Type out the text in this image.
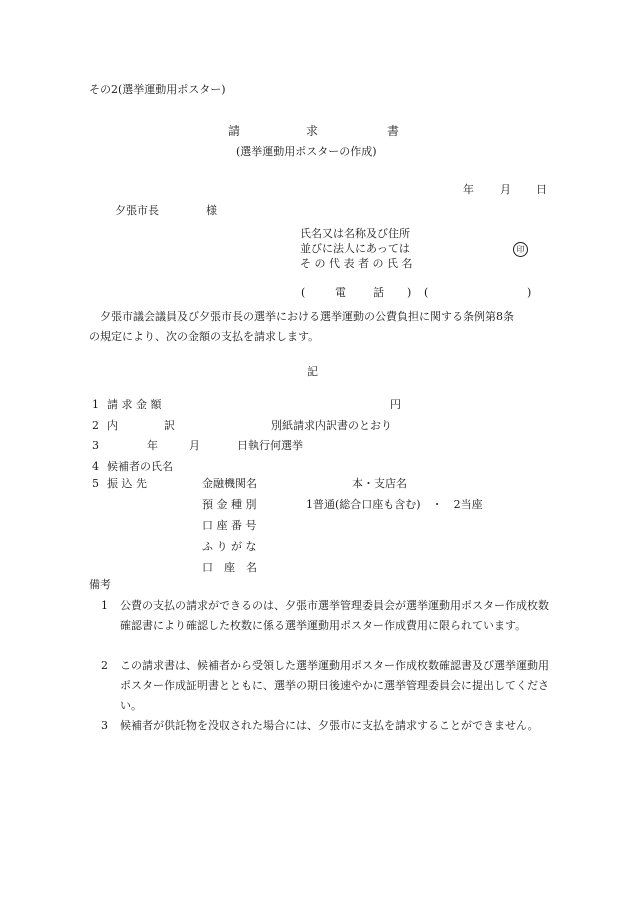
その2(選挙運動用ポスター)
請	求	書
(選挙運動用ポスターの作成)
年 月 日
夕張市長	様
氏名又は名称及び住所
並びに法人にあっては
そ の 代 表 者 の 氏 名
印
(	電 話 ) (	)
夕張市議会議員及び夕張市長の選挙における選挙運動の公費負担に関する条例第8条
の規定により、次の金額の支払を請求します。
記
1 請 求 金 額	円
2 内	訳	別紙請求内訳書のとおり
3	年	月	日執行何選挙
4 候補者の氏名
5 振 込 先	金融機関名	本・支店名
預 金 種 別	1普通(総合口座も含む)　・　2当座
口 座 番 号
ふ り が な
口　座　名
備考
1	公費の支払の請求ができるのは、夕張市選挙管理委員会が選挙運動用ポスター作成枚数確認書により確認した枚数に係る選挙運動用ポスター作成費用に限られています。
2	この請求書は、候補者から受領した選挙運動用ポスター作成枚数確認書及び選挙運動用ポスター作成証明書とともに、選挙の期日後速やかに選挙管理委員会に提出してください。
3	候補者が供託物を没収された場合には、夕張市に支払を請求することができません。
